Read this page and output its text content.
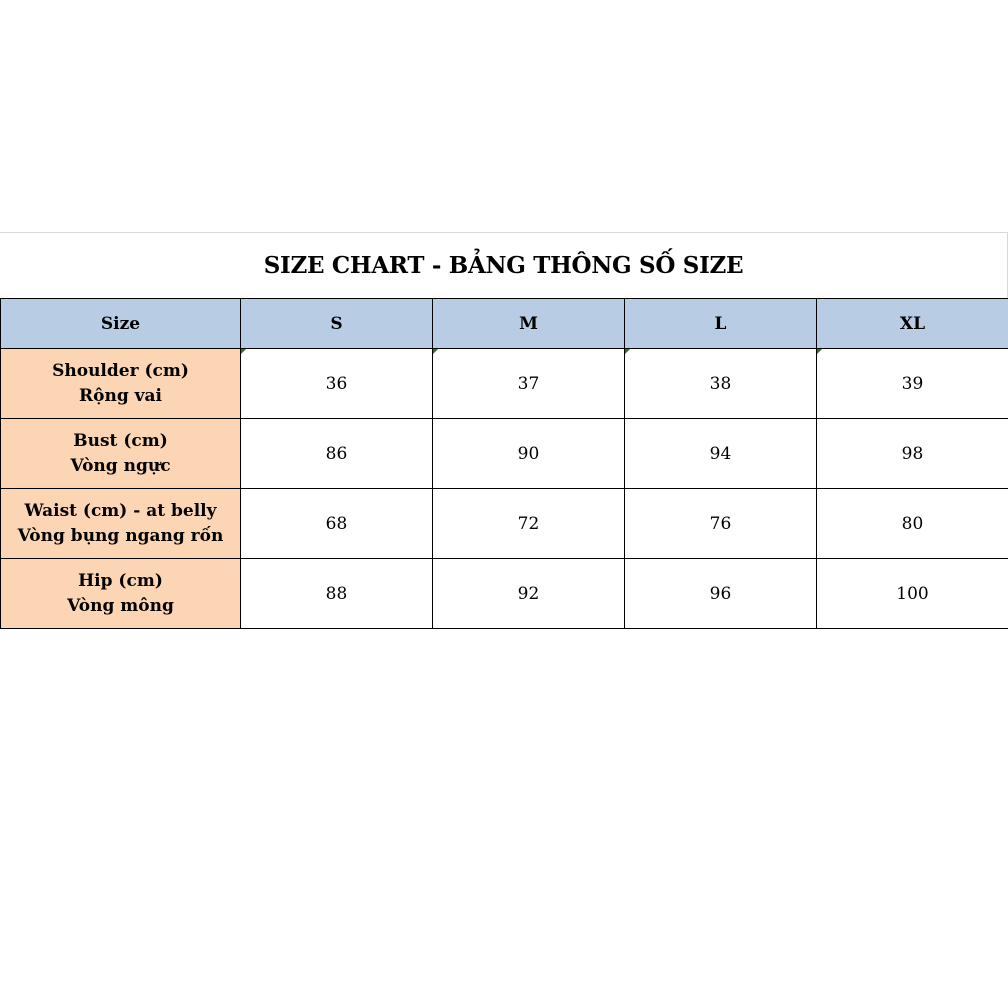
SIZE CHART - BẢNG THÔNG SỐ SIZE
Size	S	M	L	XL

Shoulder (cm)
Rộng vai	36	37	38	39

Bust (cm)
Vòng ngực	86	90	94	98

Waist (cm) - at belly
Vòng bụng ngang rốn	68	72	76	80

Hip (cm)
Vòng mông	88	92	96	100
